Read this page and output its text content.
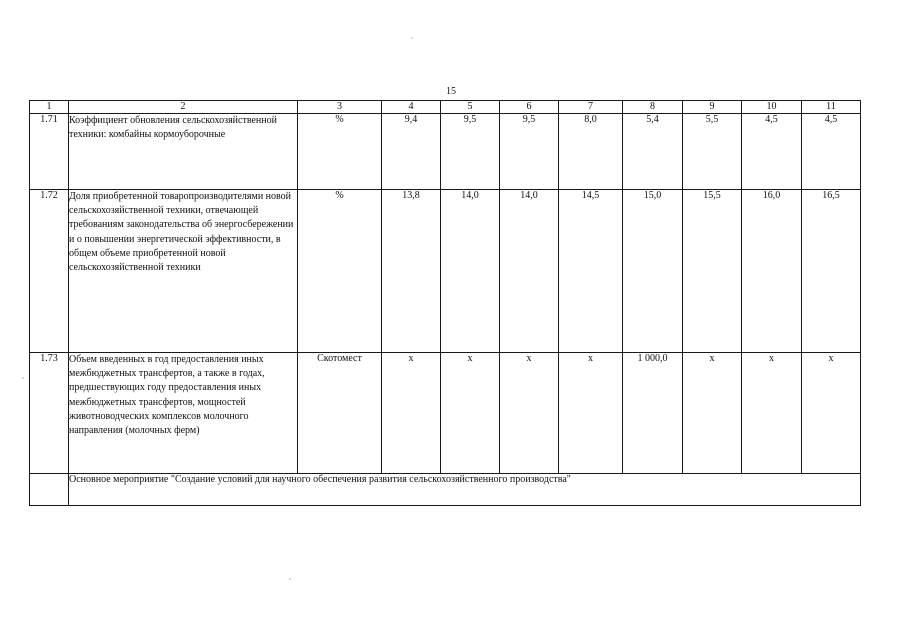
15
1	2	3	4	5	6	7	8	9	10	11
1.71	Коэффициент обновления сельскохозяйственной техники: комбайны кормоуборочные	%	9,4	9,5	9,5	8,0	5,4	5,5	4,5	4,5
1.72	Доля приобретенной товаропроизводителями новой сельскохозяйственной техники, отвечающей требованиям законодательства об энергосбережении и о повышении энергетической эффективности, в общем объеме приобретенной новой сельскохозяйственной техники	%	13,8	14,0	14,0	14,5	15,0	15,5	16,0	16,5
1.73	Объем введенных в год предоставления иных межбюджетных трансфертов, а также в годах, предшествующих году предоставления иных межбюджетных трансфертов, мощностей животноводческих комплексов молочного направления (молочных ферм)	Скотомест	х	х	х	х	1 000,0	х	х	х
	Основное мероприятие "Создание условий для научного обеспечения развития сельскохозяйственного производства"									
